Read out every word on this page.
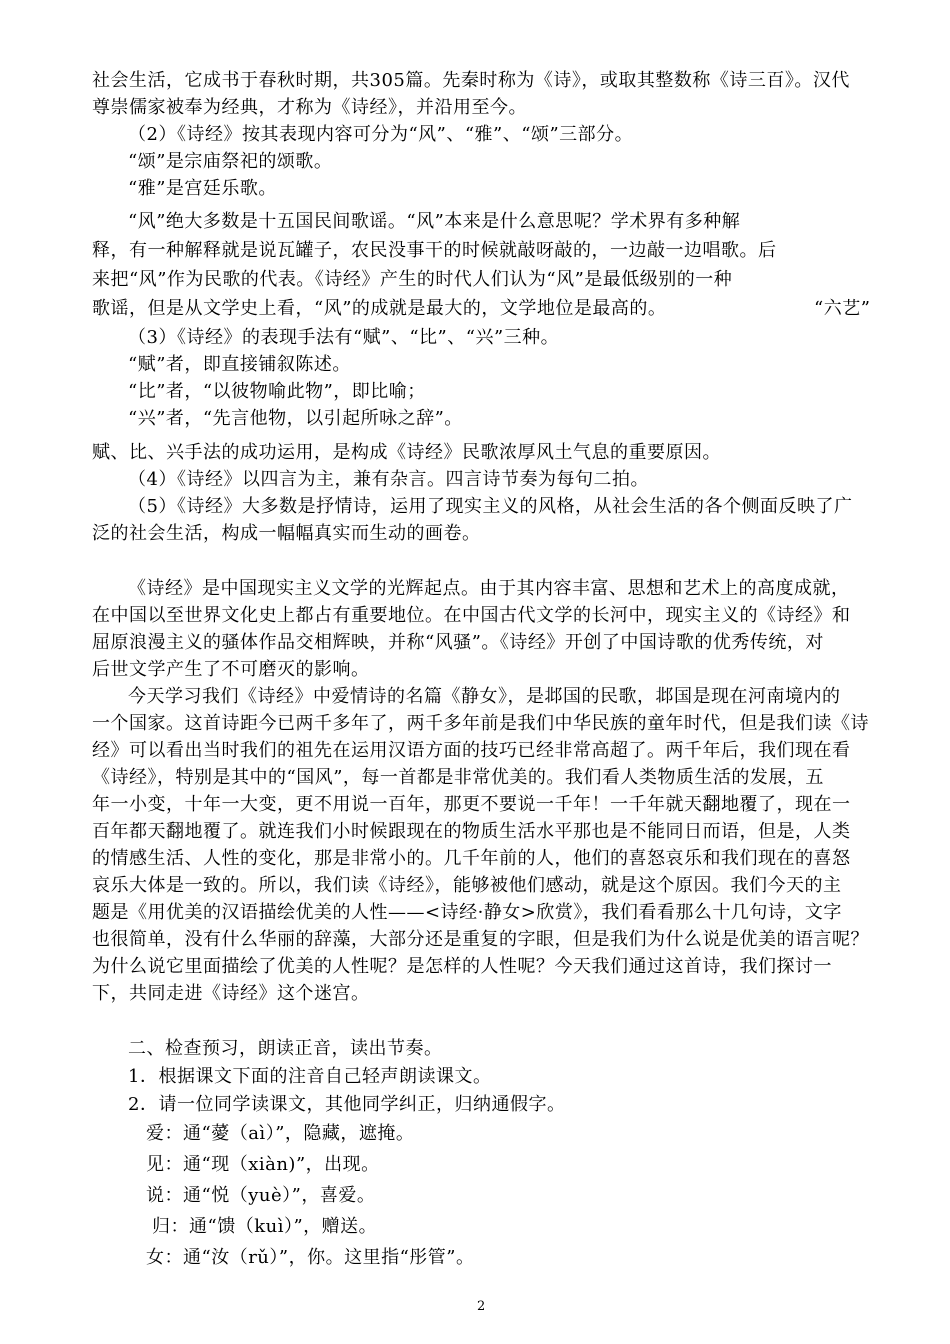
社会生活，它成书于春秋时期，共305篇。先秦时称为《诗》，或取其整数称《诗三百》。汉代
尊崇儒家被奉为经典，才称为《诗经》，并沿用至今。
（2）《诗经》按其表现内容可分为“风”、“雅”、“颂”三部分。
“颂”是宗庙祭祀的颂歌。
“雅”是宫廷乐歌。
“风”绝大多数是十五国民间歌谣。“风”本来是什么意思呢？学术界有多种解
释，有一种解释就是说瓦罐子，农民没事干的时候就敲呀敲的，一边敲一边唱歌。后
来把“风”作为民歌的代表。《诗经》产生的时代人们认为“风”是最低级别的一种
歌谣，但是从文学史上看，“风”的成就是最大的，文学地位是最高的。	“六艺”
（3）《诗经》的表现手法有“赋”、“比”、“兴”三种。
“赋”者，即直接铺叙陈述。
“比”者，“以彼物喻此物”，即比喻；
“兴”者，“先言他物，以引起所咏之辞”。
赋、比、兴手法的成功运用，是构成《诗经》民歌浓厚风土气息的重要原因。
（4）《诗经》以四言为主，兼有杂言。四言诗节奏为每句二拍。
（5）《诗经》大多数是抒情诗，运用了现实主义的风格，从社会生活的各个侧面反映了广
泛的社会生活，构成一幅幅真实而生动的画卷。
《诗经》是中国现实主义文学的光辉起点。由于其内容丰富、思想和艺术上的高度成就，
在中国以至世界文化史上都占有重要地位。在中国古代文学的长河中，现实主义的《诗经》和
屈原浪漫主义的骚体作品交相辉映，并称“风骚”。《诗经》开创了中国诗歌的优秀传统，对
后世文学产生了不可磨灭的影响。
今天学习我们《诗经》中爱情诗的名篇《静女》，是邶国的民歌，邶国是现在河南境内的
一个国家。这首诗距今已两千多年了，两千多年前是我们中华民族的童年时代，但是我们读《诗
经》可以看出当时我们的祖先在运用汉语方面的技巧已经非常高超了。两千年后，我们现在看
《诗经》，特别是其中的“国风”，每一首都是非常优美的。我们看人类物质生活的发展，五
年一小变，十年一大变，更不用说一百年，那更不要说一千年！一千年就天翻地覆了，现在一
百年都天翻地覆了。就连我们小时候跟现在的物质生活水平那也是不能同日而语，但是，人类
的情感生活、人性的变化，那是非常小的。几千年前的人，他们的喜怒哀乐和我们现在的喜怒
哀乐大体是一致的。所以，我们读《诗经》，能够被他们感动，就是这个原因。我们今天的主
题是《用优美的汉语描绘优美的人性——<诗经·静女>欣赏》，我们看看那么十几句诗，文字
也很简单，没有什么华丽的辞藻，大部分还是重复的字眼，但是我们为什么说是优美的语言呢？
为什么说它里面描绘了优美的人性呢？是怎样的人性呢？今天我们通过这首诗，我们探讨一
下，共同走进《诗经》这个迷宫。
二、检查预习，朗读正音，读出节奏。
1．根据课文下面的注音自己轻声朗读课文。
2．请一位同学读课文，其他同学纠正，归纳通假字。
爱：通“薆（aì）”，隐藏，遮掩。
见：通“现（xiàn)”，出现。
说：通“悦（yuè）”，喜爱。
归：通“馈（kuì）”，赠送。
女：通“汝（rǔ）”，你。这里指“彤管”。
2
